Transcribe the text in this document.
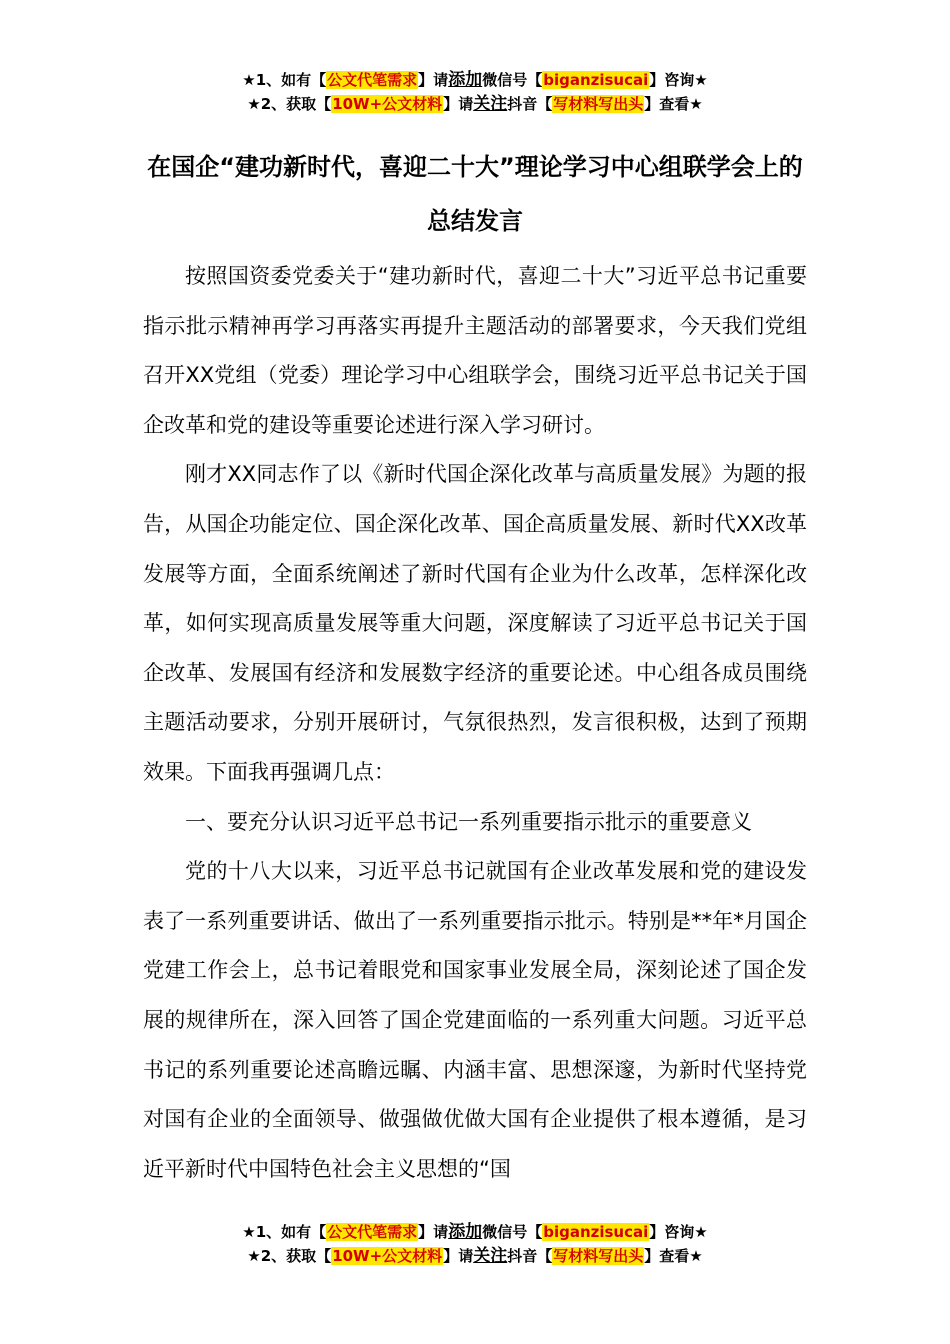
★1、如有【公文代笔需求】请添加微信号【biganzisucai】咨询★
★2、获取【10W+公文材料】请关注抖音【写材料写出头】查看★
在国企“建功新时代，喜迎二十大”理论学习中心组联学会上的总结发言

按照国资委党委关于“建功新时代，喜迎二十大”习近平总书记重要指示批示精神再学习再落实再提升主题活动的部署要求，今天我们党组召开XX党组（党委）理论学习中心组联学会，围绕习近平总书记关于国企改革和党的建设等重要论述进行深入学习研讨。

刚才XX同志作了以《新时代国企深化改革与高质量发展》为题的报告，从国企功能定位、国企深化改革、国企高质量发展、新时代XX改革发展等方面，全面系统阐述了新时代国有企业为什么改革，怎样深化改革，如何实现高质量发展等重大问题，深度解读了习近平总书记关于国企改革、发展国有经济和发展数字经济的重要论述。中心组各成员围绕主题活动要求，分别开展研讨，气氛很热烈，发言很积极，达到了预期效果。下面我再强调几点：

一、要充分认识习近平总书记一系列重要指示批示的重要意义

党的十八大以来，习近平总书记就国有企业改革发展和党的建设发表了一系列重要讲话、做出了一系列重要指示批示。特别是**年*月国企党建工作会上，总书记着眼党和国家事业发展全局，深刻论述了国企发展的规律所在，深入回答了国企党建面临的一系列重大问题。习近平总书记的系列重要论述高瞻远瞩、内涵丰富、思想深邃，为新时代坚持党对国有企业的全面领导、做强做优做大国有企业提供了根本遵循，是习近平新时代中国特色社会主义思想的“国

★1、如有【公文代笔需求】请添加微信号【biganzisucai】咨询★
★2、获取【10W+公文材料】请关注抖音【写材料写出头】查看★
